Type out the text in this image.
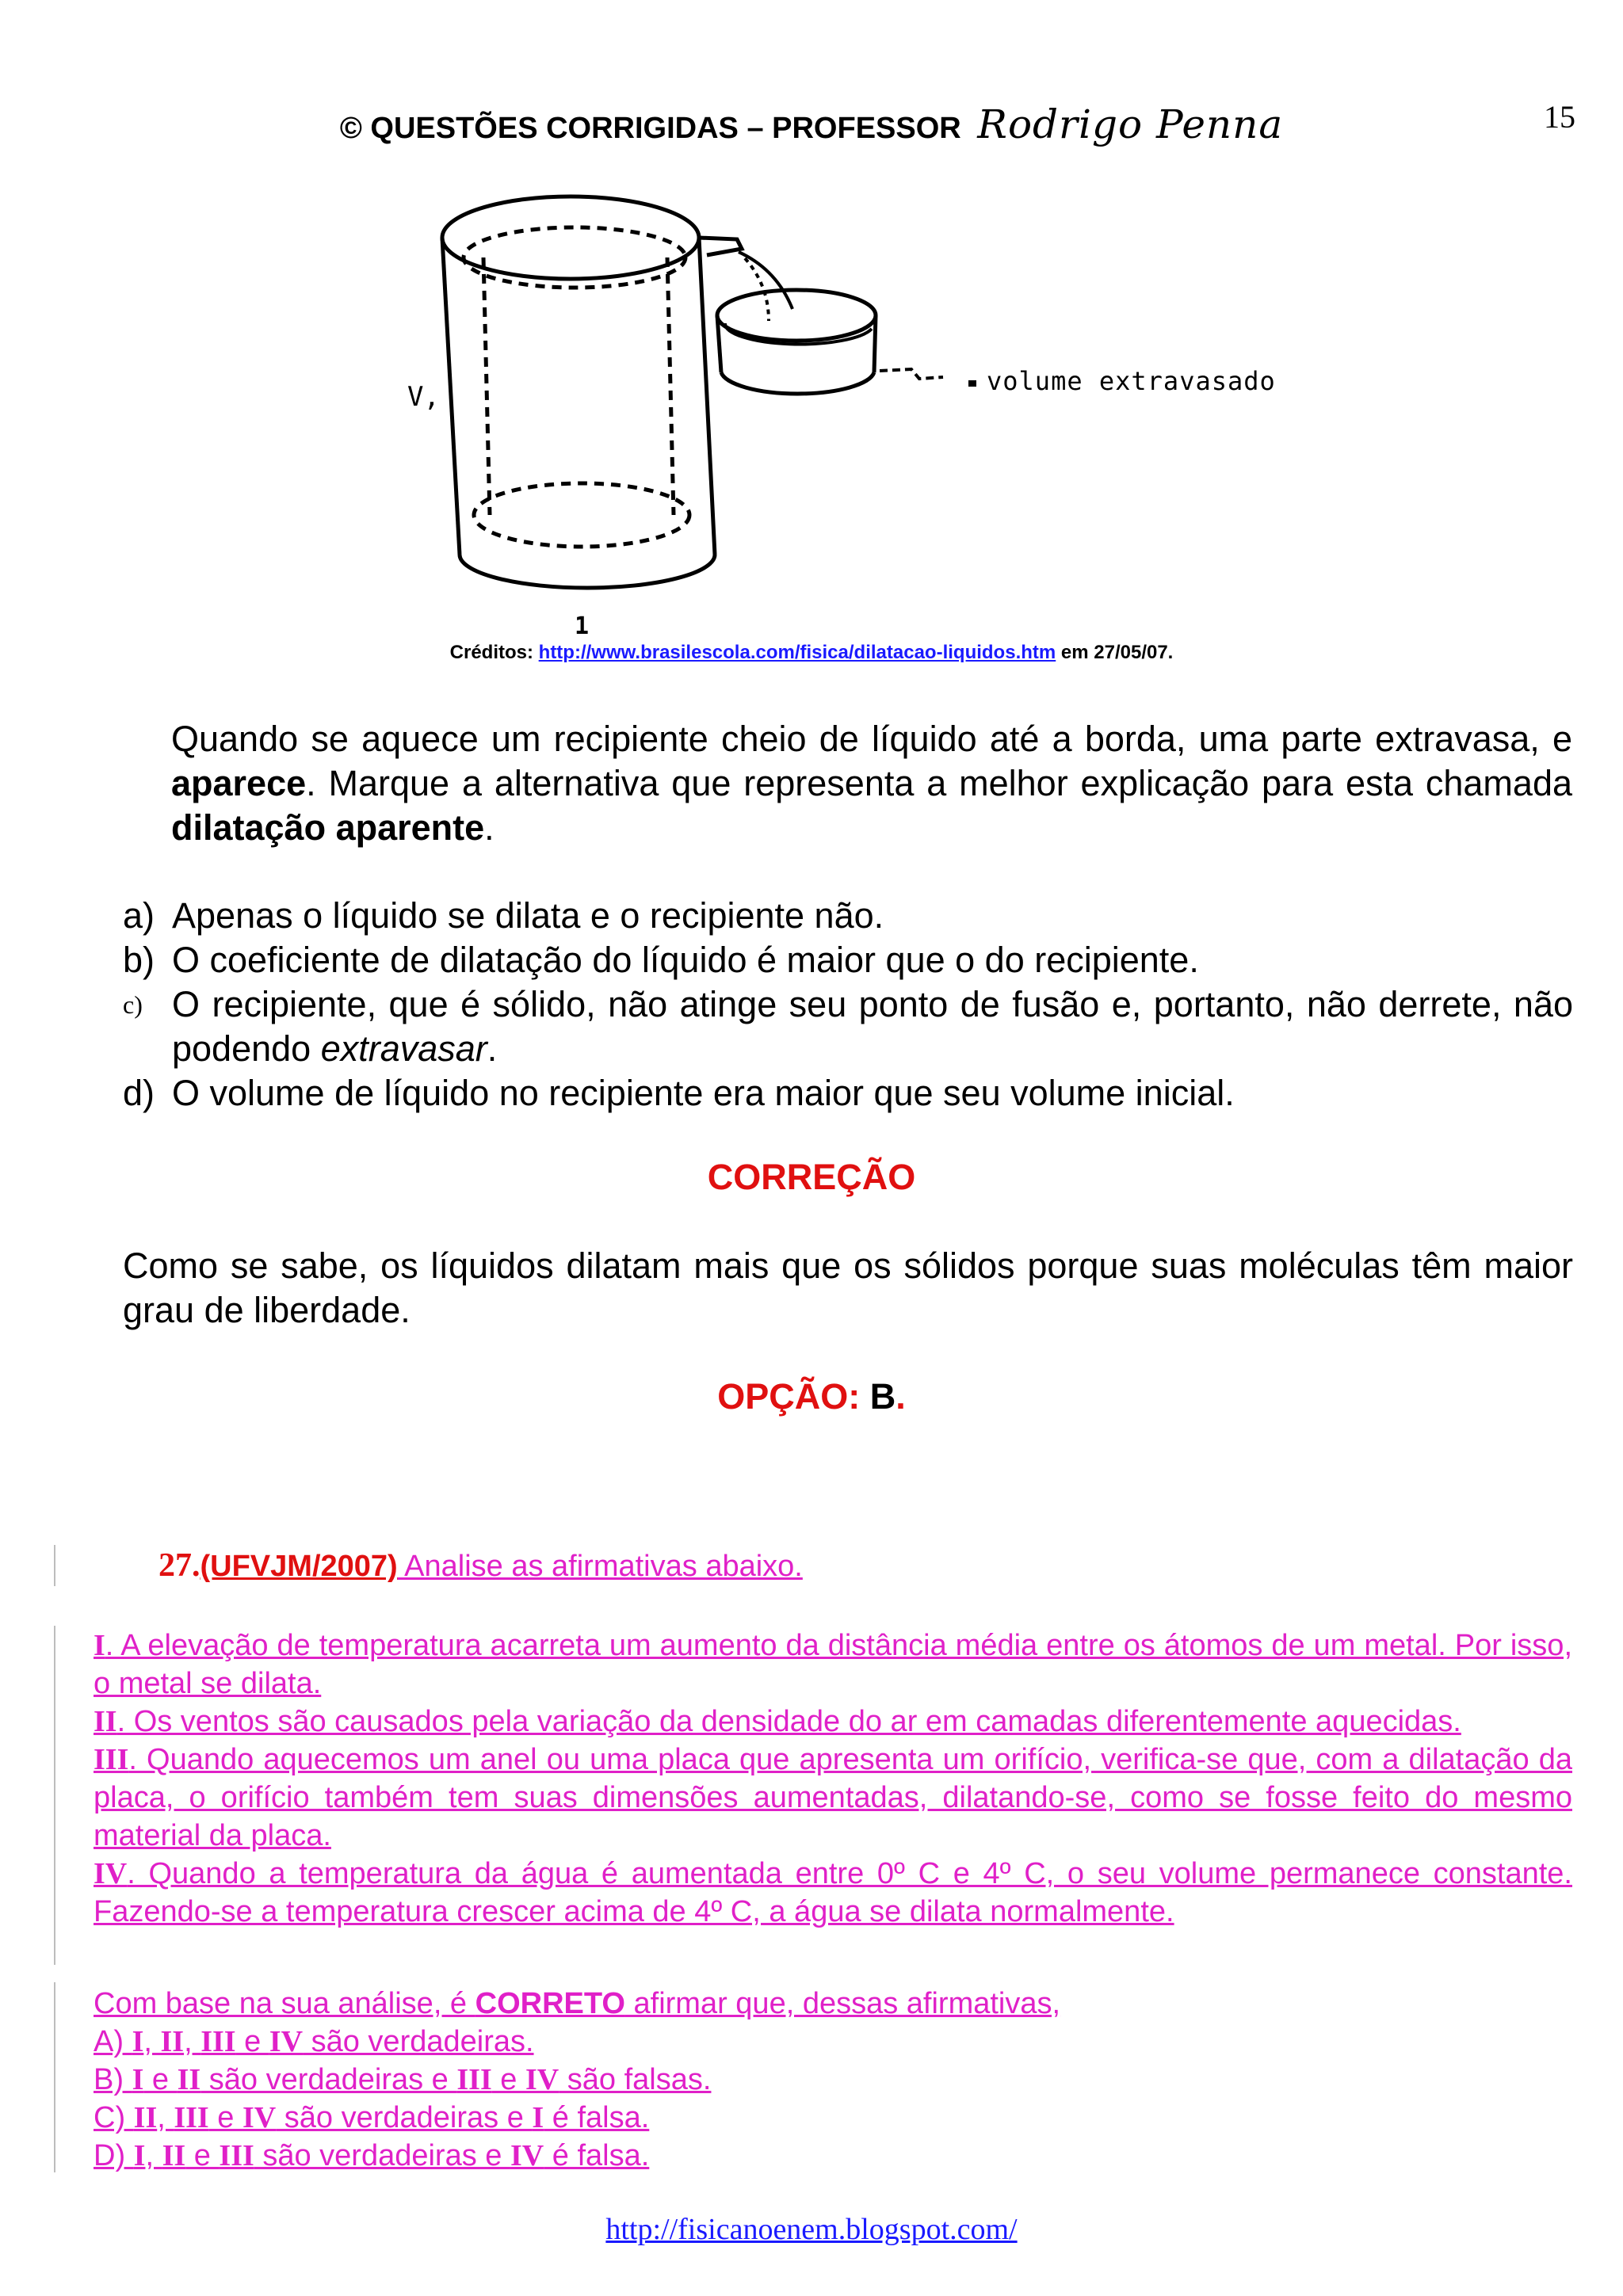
© QUESTÕES CORRIGIDAS – PROFESSOR Rodrigo Penna	15
V,	volume extravasado
1
Créditos: http://www.brasilescola.com/fisica/dilatacao-liquidos.htm em 27/05/07.
Quando se aquece um recipiente cheio de líquido até a borda, uma parte extravasa, e aparece. Marque a alternativa que representa a melhor explicação para esta chamada dilatação aparente.
a) Apenas o líquido se dilata e o recipiente não.
b) O coeficiente de dilatação do líquido é maior que o do recipiente.
c) O recipiente, que é sólido, não atinge seu ponto de fusão e, portanto, não derrete, não podendo extravasar.
d) O volume de líquido no recipiente era maior que seu volume inicial.
CORREÇÃO
Como se sabe, os líquidos dilatam mais que os sólidos porque suas moléculas têm maior grau de liberdade.
OPÇÃO: B.
27.(UFVJM/2007) Analise as afirmativas abaixo.
I. A elevação de temperatura acarreta um aumento da distância média entre os átomos de um metal. Por isso, o metal se dilata.
II. Os ventos são causados pela variação da densidade do ar em camadas diferentemente aquecidas.
III. Quando aquecemos um anel ou uma placa que apresenta um orifício, verifica-se que, com a dilatação da placa, o orifício também tem suas dimensões aumentadas, dilatando-se, como se fosse feito do mesmo material da placa.
IV. Quando a temperatura da água é aumentada entre 0º C e 4º C, o seu volume permanece constante. Fazendo-se a temperatura crescer acima de 4º C, a água se dilata normalmente.
Com base na sua análise, é CORRETO afirmar que, dessas afirmativas,
A) I, II, III e IV são verdadeiras.
B) I e II são verdadeiras e III e IV são falsas.
C) II, III e IV são verdadeiras e I é falsa.
D) I, II e III são verdadeiras e IV é falsa.
http://fisicanoenem.blogspot.com/
